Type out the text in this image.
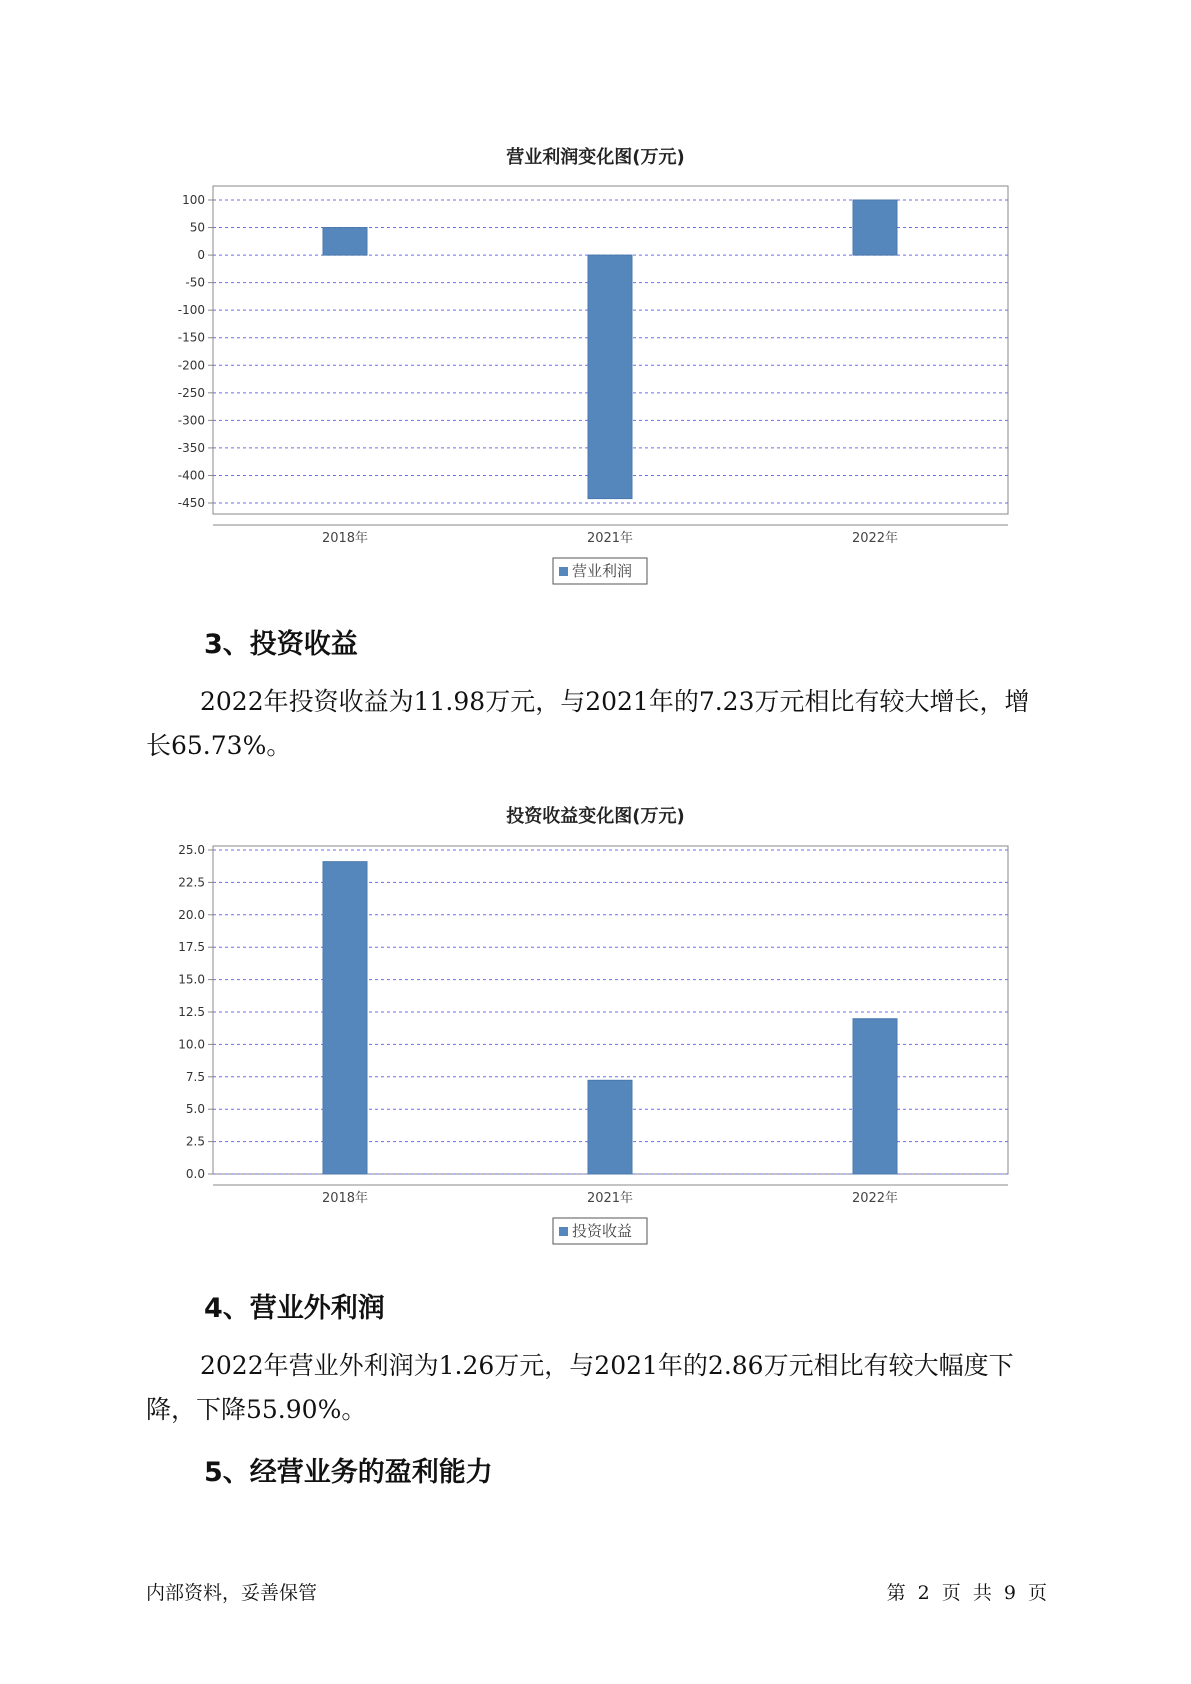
营业利润变化图(万元)
100
50
0
-50
-100
-150
-200
-250
-300
-350
-400
-450
2018年	2021年	2022年
营业利润
3、投资收益
2022年投资收益为11.98万元，与2021年的7.23万元相比有较大增长，增长65.73%。
投资收益变化图(万元)
25.0
22.5
20.0
17.5
15.0
12.5
10.0
7.5
5.0
2.5
0.0
2018年	2021年	2022年
投资收益
4、营业外利润
2022年营业外利润为1.26万元，与2021年的2.86万元相比有较大幅度下降，下降55.90%。
5、经营业务的盈利能力
内部资料，妥善保管	第 2 页 共 9 页
